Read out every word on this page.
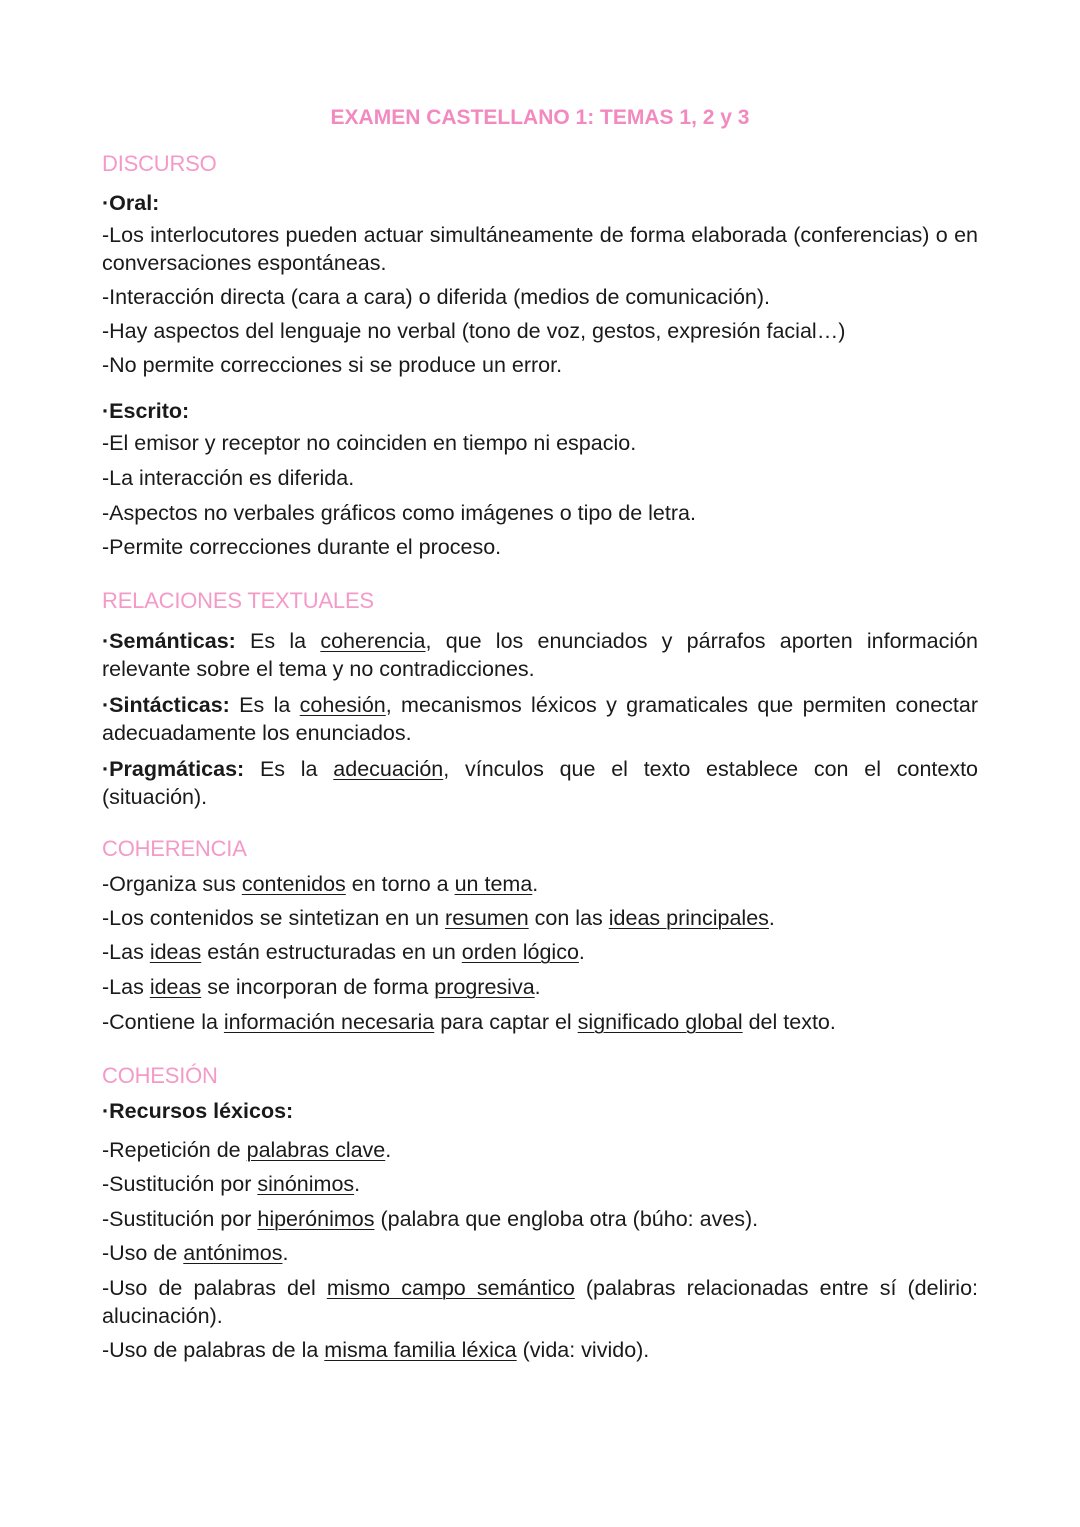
EXAMEN CASTELLANO 1: TEMAS 1, 2 y 3
DISCURSO
·Oral:
-Los interlocutores pueden actuar simultáneamente de forma elaborada (conferencias) o en conversaciones espontáneas.
-Interacción directa (cara a cara) o diferida (medios de comunicación).
-Hay aspectos del lenguaje no verbal (tono de voz, gestos, expresión facial…)
-No permite correcciones si se produce un error.
·Escrito:
-El emisor y receptor no coinciden en tiempo ni espacio.
-La interacción es diferida.
-Aspectos no verbales gráficos como imágenes o tipo de letra.
-Permite correcciones durante el proceso.
RELACIONES TEXTUALES
·Semánticas: Es la coherencia, que los enunciados y párrafos aporten información relevante sobre el tema y no contradicciones.
·Sintácticas: Es la cohesión, mecanismos léxicos y gramaticales que permiten conectar adecuadamente los enunciados.
·Pragmáticas: Es la adecuación, vínculos que el texto establece con el contexto (situación).
COHERENCIA
-Organiza sus contenidos en torno a un tema.
-Los contenidos se sintetizan en un resumen con las ideas principales.
-Las ideas están estructuradas en un orden lógico.
-Las ideas se incorporan de forma progresiva.
-Contiene la información necesaria para captar el significado global del texto.
COHESIÓN
·Recursos léxicos:
-Repetición de palabras clave.
-Sustitución por sinónimos.
-Sustitución por hiperónimos (palabra que engloba otra (búho: aves).
-Uso de antónimos.
-Uso de palabras del mismo campo semántico (palabras relacionadas entre sí (delirio: alucinación).
-Uso de palabras de la misma familia léxica (vida: vivido).
